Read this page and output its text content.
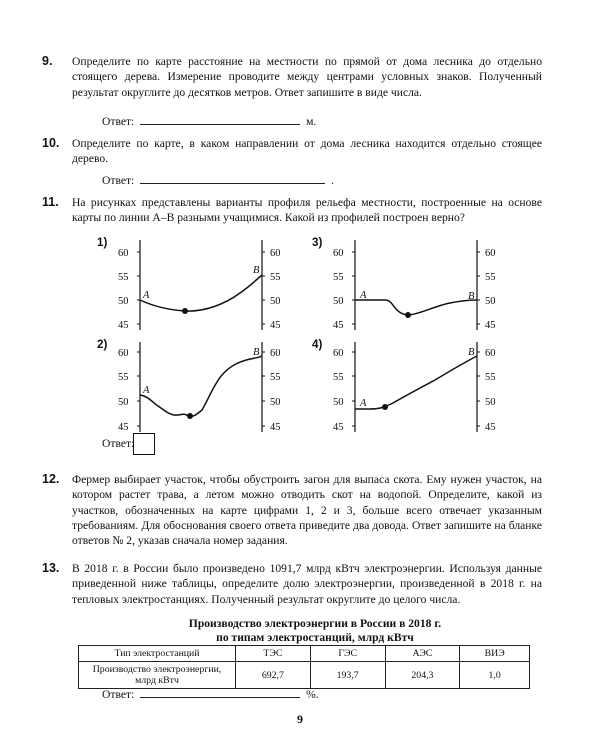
9. Определите по карте расстояние на местности по прямой от дома лесника до отдельно стоящего дерева. Измерение проводите между центрами условных знаков. Полученный результат округлите до десятков метров. Ответ запишите в виде числа.
Ответ:	м.
10. Определите по карте, в каком направлении от дома лесника находится отдельно стоящее дерево.
Ответ:	.
11. На рисунках представлены варианты профиля рельефа местности, построенные на основе карты по линии А–В разными учащимися. Какой из профилей построен верно?
1)
2)
3)
4)
60
55
50
45
60
55
50
45
A
B
60
55
50
45
60
55
50
45
A	B
60
55
50
45
60
55
50
45
A
B	60
55
50
45
60
55
50
45
A
B
Ответ:
12. Фермер выбирает участок, чтобы обустроить загон для выпаса скота. Ему нужен участок, на котором растет трава, а летом можно отводить скот на водопой. Определите, какой из участков, обозначенных на карте цифрами 1, 2 и 3, больше всего отвечает указанным требованиям. Для обоснования своего ответа приведите два довода. Ответ запишите на бланке ответов № 2, указав сначала номер задания.
13. В 2018 г. в России было произведено 1091,7 млрд кВтч электроэнергии. Используя данные приведенной ниже таблицы, определите долю электроэнергии, произведенной в 2018 г. на тепловых электростанциях. Полученный результат округлите до целого числа.
Производство электроэнергии в России в 2018 г.
по типам электростанций, млрд кВтч
Тип электростанций	ТЭС	ГЭС	АЭС	ВИЭ

Производство электроэнергии,
млрд кВтч	692,7	193,7	204,3	1,0
Ответ:	%.
9
